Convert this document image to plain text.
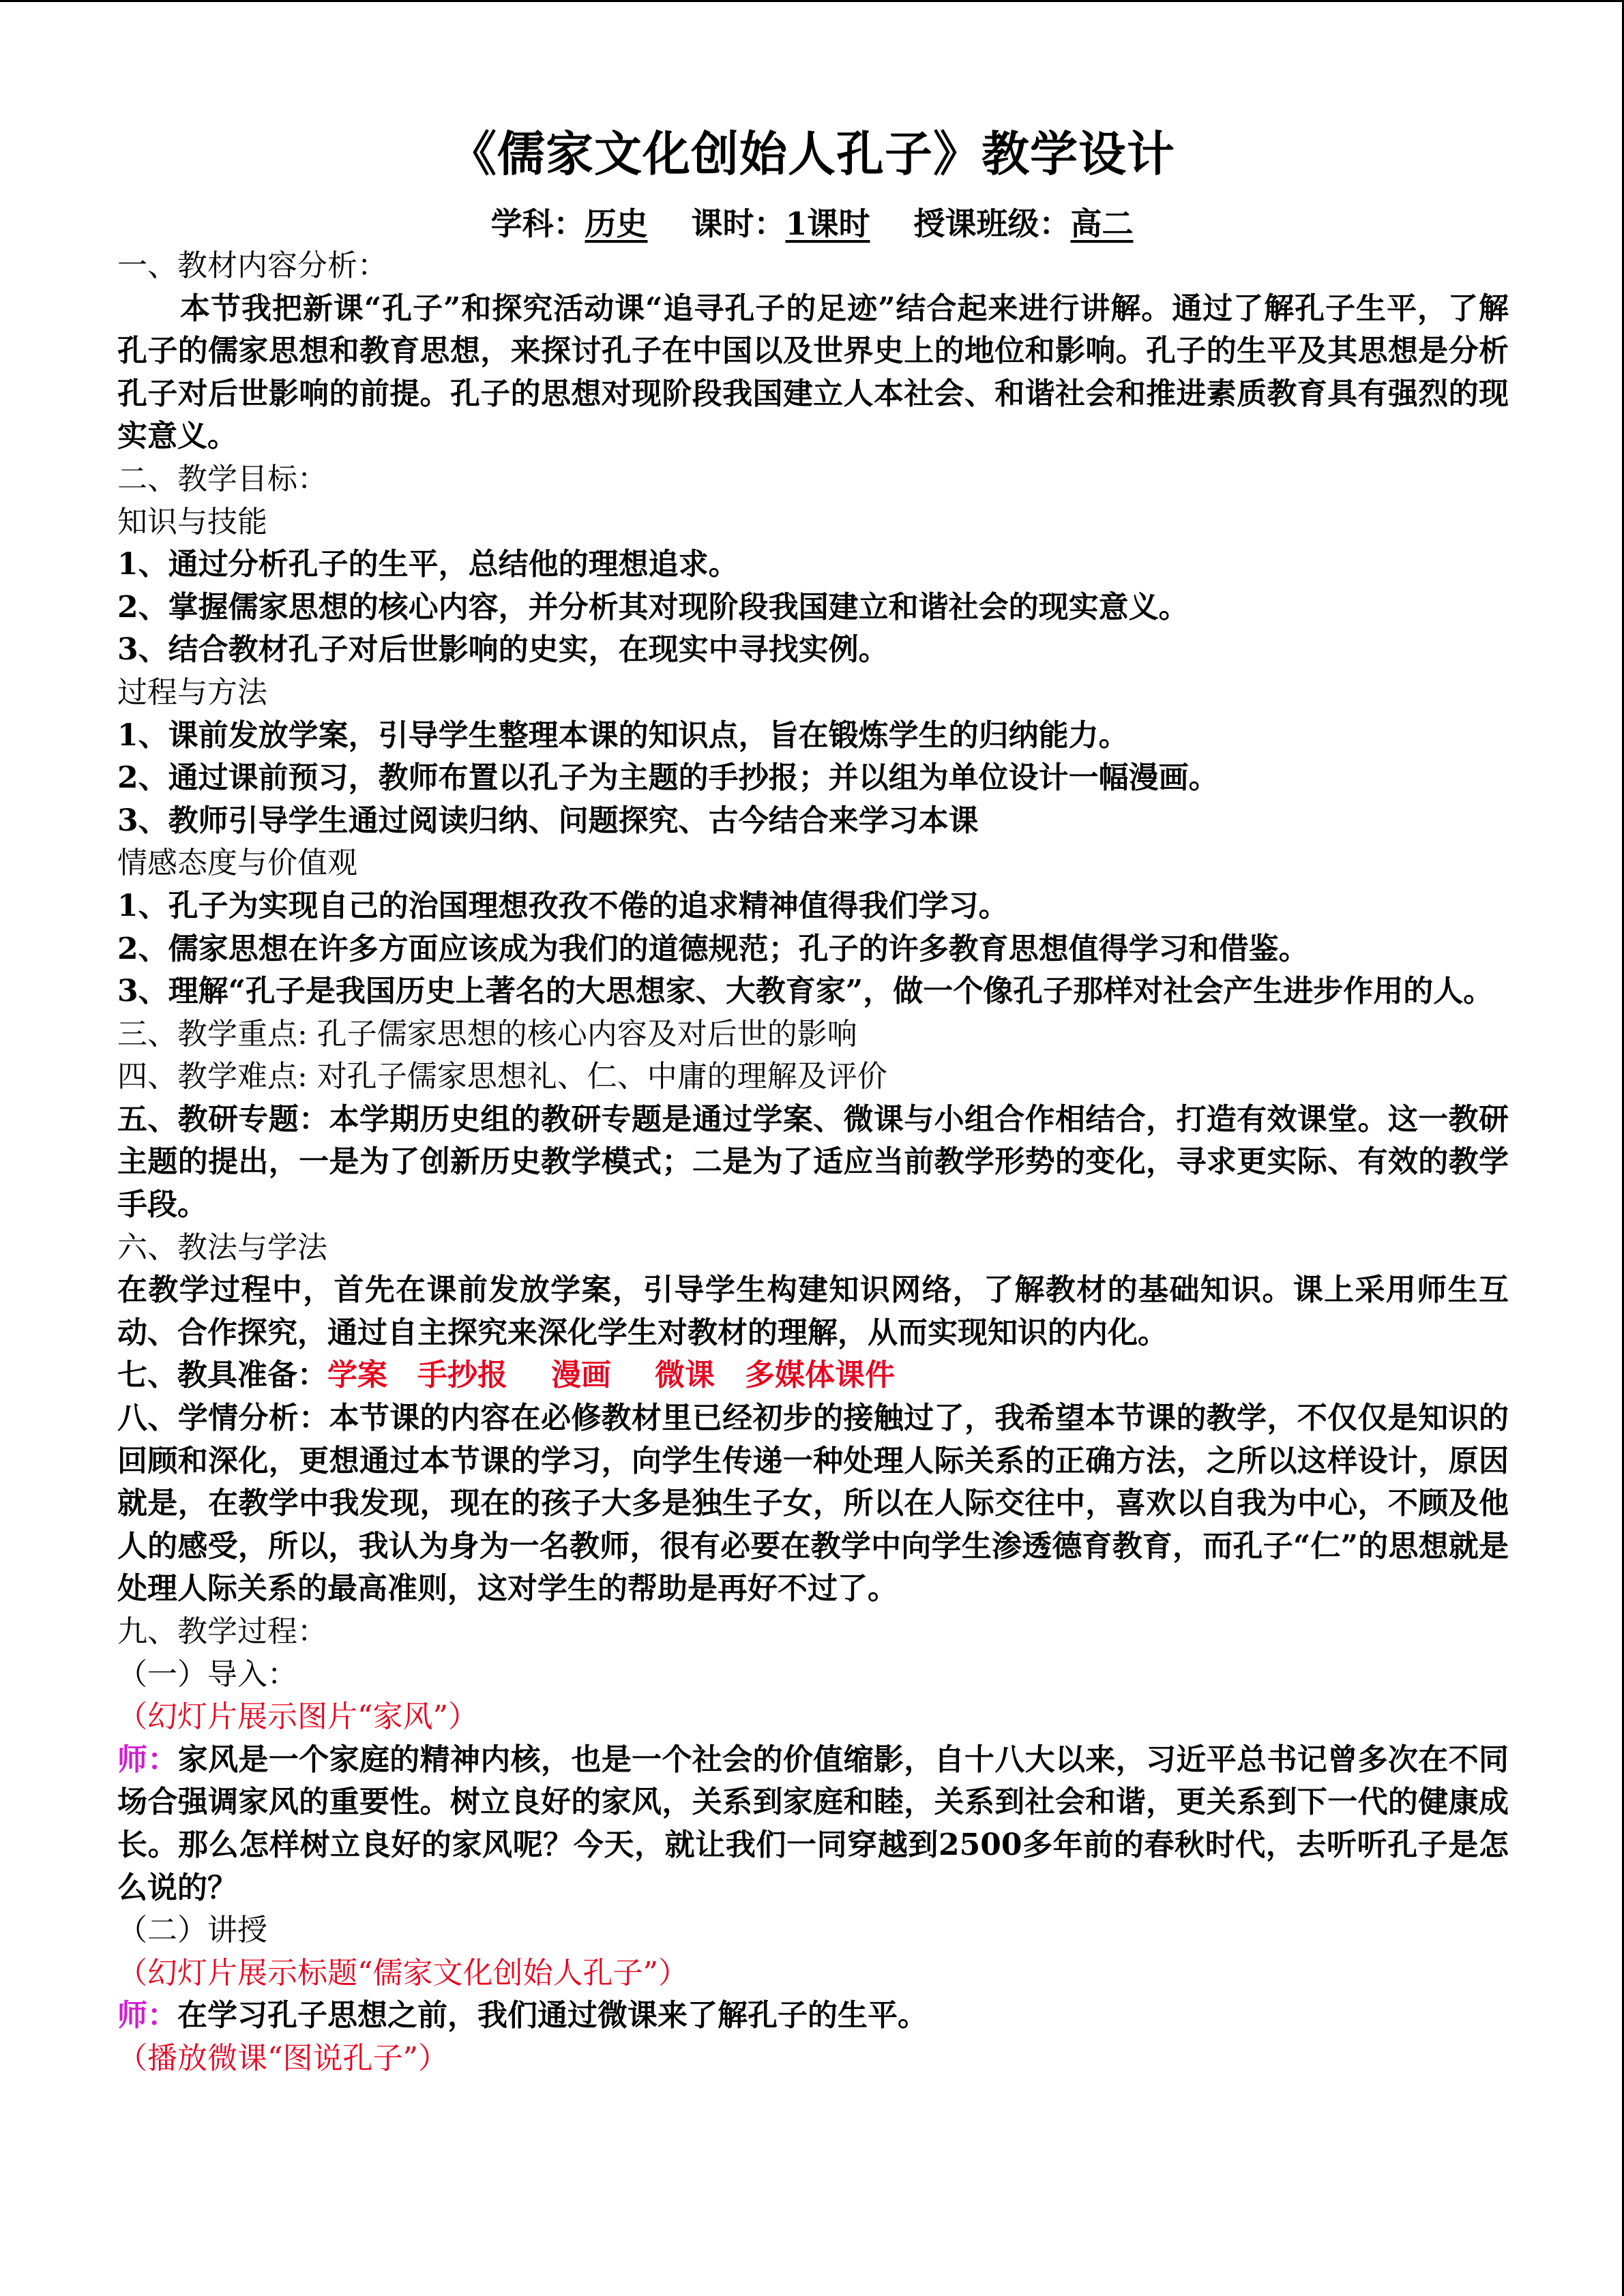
《儒家文化创始人孔子》教学设计
学科：历史 课时：1课时 授课班级：高二

一、教材内容分析：

本节我把新课“孔子”和探究活动课“追寻孔子的足迹”结合起来进行讲解。通过了解孔子生平，了解孔子的儒家思想和教育思想，来探讨孔子在中国以及世界史上的地位和影响。孔子的生平及其思想是分析孔子对后世影响的前提。孔子的思想对现阶段我国建立人本社会、和谐社会和推进素质教育具有强烈的现实意义。

二、教学目标：

知识与技能

1、通过分析孔子的生平，总结他的理想追求。

2、掌握儒家思想的核心内容，并分析其对现阶段我国建立和谐社会的现实意义。

3、结合教材孔子对后世影响的史实，在现实中寻找实例。

过程与方法

1、课前发放学案，引导学生整理本课的知识点，旨在锻炼学生的归纳能力。

2、通过课前预习，教师布置以孔子为主题的手抄报；并以组为单位设计一幅漫画。

3、教师引导学生通过阅读归纳、问题探究、古今结合来学习本课

情感态度与价值观

1、孔子为实现自己的治国理想孜孜不倦的追求精神值得我们学习。

2、儒家思想在许多方面应该成为我们的道德规范；孔子的许多教育思想值得学习和借鉴。

3、理解“孔子是我国历史上著名的大思想家、大教育家”，做一个像孔子那样对社会产生进步作用的人。

三、教学重点: 孔子儒家思想的核心内容及对后世的影响

四、教学难点: 对孔子儒家思想礼、仁、中庸的理解及评价

五、教研专题：本学期历史组的教研专题是通过学案、微课与小组合作相结合，打造有效课堂。这一教研主题的提出，一是为了创新历史教学模式；二是为了适应当前教学形势的变化，寻求更实际、有效的教学手段。

六、教法与学法

在教学过程中，首先在课前发放学案，引导学生构建知识网络，了解教材的基础知识。课上采用师生互动、合作探究，通过自主探究来深化学生对教材的理解，从而实现知识的内化。

七、教具准备：学案 手抄报 漫画 微课 多媒体课件

八、学情分析：本节课的内容在必修教材里已经初步的接触过了，我希望本节课的教学，不仅仅是知识的回顾和深化，更想通过本节课的学习，向学生传递一种处理人际关系的正确方法，之所以这样设计，原因就是，在教学中我发现，现在的孩子大多是独生子女，所以在人际交往中，喜欢以自我为中心，不顾及他人的感受，所以，我认为身为一名教师，很有必要在教学中向学生渗透德育教育，而孔子“仁”的思想就是处理人际关系的最高准则，这对学生的帮助是再好不过了。

九、教学过程：

（一）导入：

（幻灯片展示图片“家风”）

师：家风是一个家庭的精神内核，也是一个社会的价值缩影，自十八大以来，习近平总书记曾多次在不同场合强调家风的重要性。树立良好的家风，关系到家庭和睦，关系到社会和谐，更关系到下一代的健康成长。那么怎样树立良好的家风呢？今天，就让我们一同穿越到2500多年前的春秋时代，去听听孔子是怎么说的？

（二）讲授

（幻灯片展示标题“儒家文化创始人孔子”）

师：在学习孔子思想之前，我们通过微课来了解孔子的生平。

（播放微课“图说孔子”）
